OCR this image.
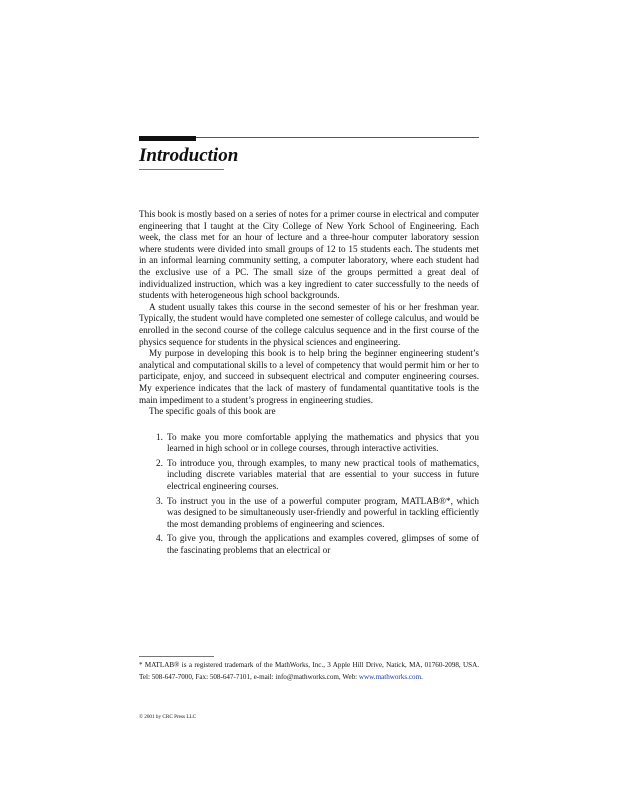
Introduction

This book is mostly based on a series of notes for a primer course in electrical and computer engineering that I taught at the City College of New York School of Engineering. Each week, the class met for an hour of lecture and a three-hour computer laboratory session where students were divided into small groups of 12 to 15 students each. The students met in an informal learning community setting, a computer laboratory, where each student had the exclusive use of a PC. The small size of the groups permitted a great deal of individualized instruction, which was a key ingredient to cater successfully to the needs of students with heterogeneous high school backgrounds.

A student usually takes this course in the second semester of his or her freshman year. Typically, the student would have completed one semester of college calculus, and would be enrolled in the second course of the college calculus sequence and in the first course of the physics sequence for students in the physical sciences and engineering.

My purpose in developing this book is to help bring the beginner engineering student’s analytical and computational skills to a level of competency that would permit him or her to participate, enjoy, and succeed in subsequent electrical and computer engineering courses. My experience indicates that the lack of mastery of fundamental quantitative tools is the main impediment to a student’s progress in engineering studies.

The specific goals of this book are

1. To make you more comfortable applying the mathematics and physics that you learned in high school or in college courses, through interactive activities.
2. To introduce you, through examples, to many new practical tools of mathematics, including discrete variables material that are essential to your success in future electrical engineering courses.
3. To instruct you in the use of a powerful computer program, MATLAB®*, which was designed to be simultaneously user-friendly and powerful in tackling efficiently the most demanding problems of engineering and sciences.
4. To give you, through the applications and examples covered, glimpses of some of the fascinating problems that an electrical or

* MATLAB® is a registered trademark of the MathWorks, Inc., 3 Apple Hill Drive, Natick, MA, 01760-2098, USA. Tel: 508-647-7000, Fax: 508-647-7101, e-mail: info@mathworks.com, Web: www.mathworks.com.

© 2001 by CRC Press LLC
